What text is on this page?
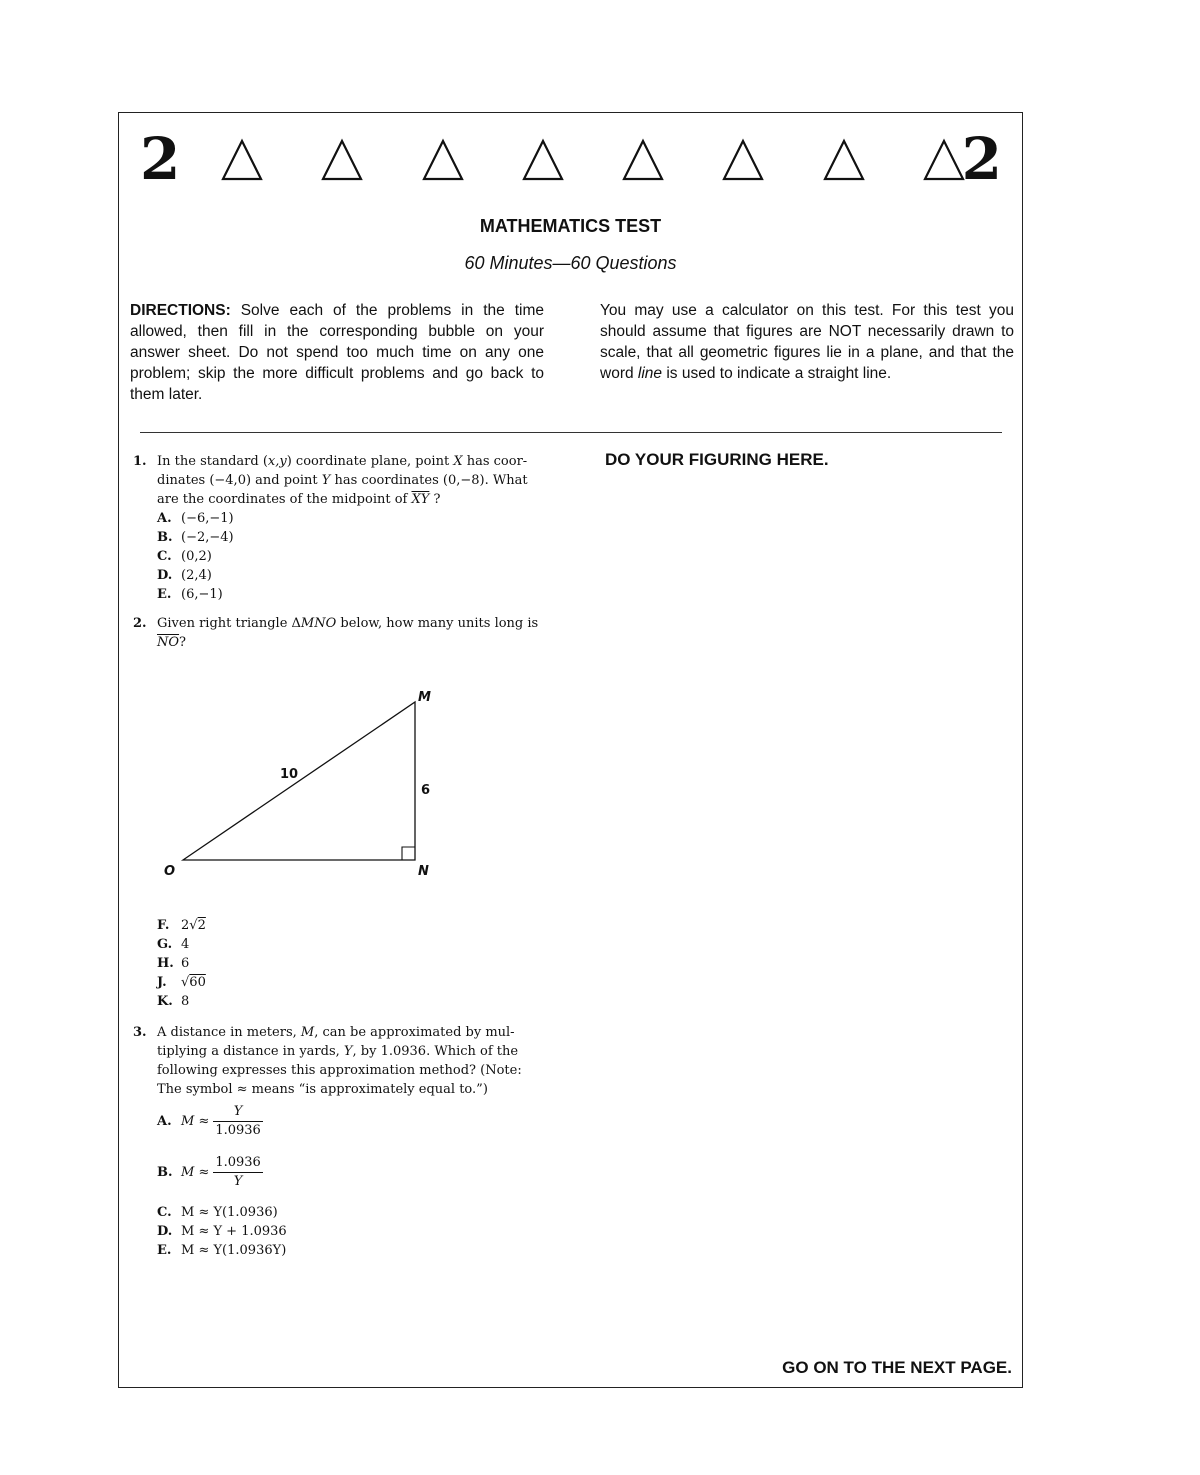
2	2
MATHEMATICS TEST
60 Minutes—60 Questions
DIRECTIONS: Solve each of the problems in the time allowed, then fill in the corresponding bubble on your answer sheet. Do not spend too much time on any one problem; skip the more difficult problems and go back to them later.
You may use a calculator on this test. For this test you should assume that figures are NOT necessarily drawn to scale, that all geometric figures lie in a plane, and that the word line is used to indicate a straight line.
DO YOUR FIGURING HERE.
1. In the standard (x,y) coordinate plane, point X has coor-dinates (−4,0) and point Y has coordinates (0,−8). What are the coordinates of the midpoint of $\overline{XY}$ ?
A. (−6,−1)
B. (−2,−4)
C. (0,2)
D. (2,4)
E. (6,−1)
2. Given right triangle ΔMNO below, how many units long is $\overline{NO}$?
M
N
O
10
6
F. 2√2
G. 4
H. 6
J. √60
K. 8
3. A distance in meters, M, can be approximated by mul-tiplying a distance in yards, Y, by 1.0936. Which of the following expresses this approximation method? (Note: The symbol ≈ means “is approximately equal to.”)
A. $M \approx \frac{Y}{1.0936}$
B. $M \approx \frac{1.0936}{Y}$
C. M ≈ Y(1.0936)
D. M ≈ Y + 1.0936
E. M ≈ Y(1.0936Y)
GO ON TO THE NEXT PAGE.
